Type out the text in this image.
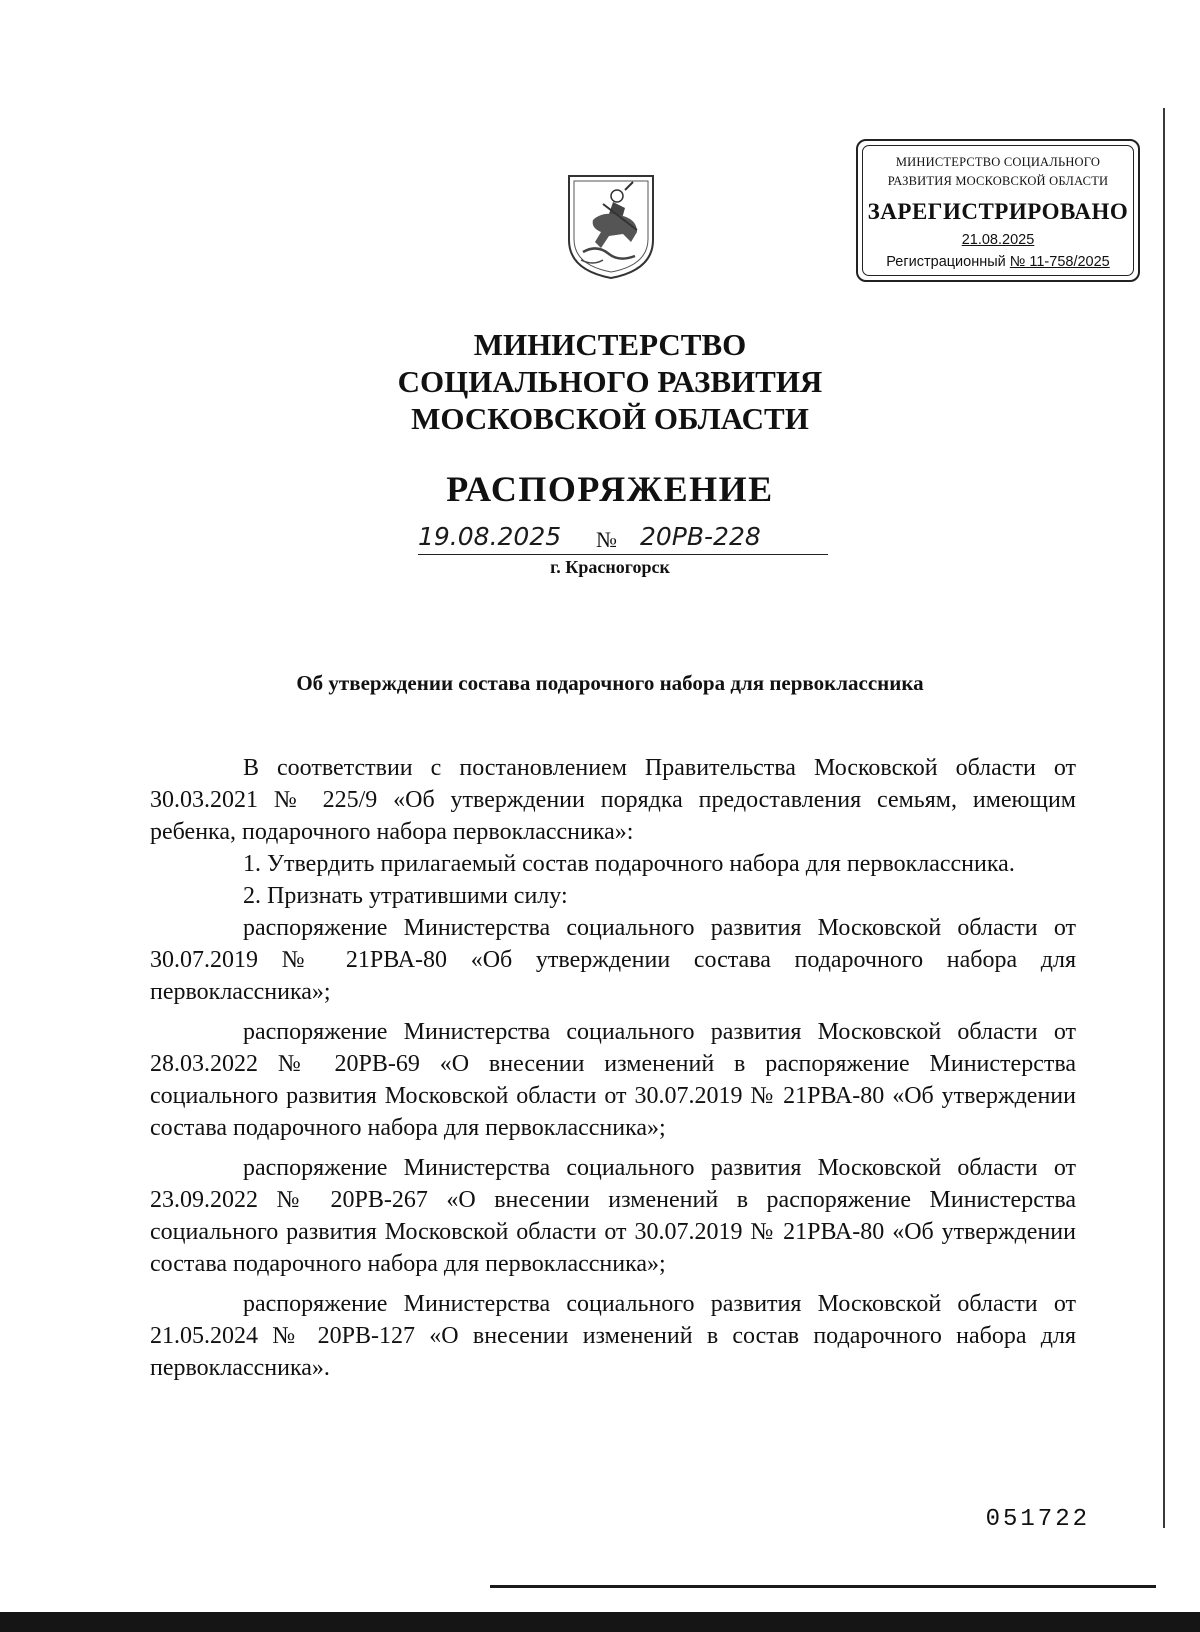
МИНИСТЕРСТВО СОЦИАЛЬНОГО
РАЗВИТИЯ МОСКОВСКОЙ ОБЛАСТИ
ЗАРЕГИСТРИРОВАНО
21.08.2025
Регистрационный № 11-758/2025
МИНИСТЕРСТВО
СОЦИАЛЬНОГО РАЗВИТИЯ
МОСКОВСКОЙ ОБЛАСТИ
РАСПОРЯЖЕНИЕ
19.08.2025 № 20РВ-228
г. Красногорск
Об утверждении состава подарочного набора для первоклассника

В соответствии с постановлением Правительства Московской области от 30.03.2021 № 225/9 «Об утверждении порядка предоставления семьям, имеющим ребенка, подарочного набора первоклассника»:

1. Утвердить прилагаемый состав подарочного набора для первоклассника.

2. Признать утратившими силу:

распоряжение Министерства социального развития Московской области от 30.07.2019 № 21РВА-80 «Об утверждении состава подарочного набора для первоклассника»;

распоряжение Министерства социального развития Московской области от 28.03.2022 № 20РВ-69 «О внесении изменений в распоряжение Министерства социального развития Московской области от 30.07.2019 № 21РВА-80 «Об утверждении состава подарочного набора для первоклассника»;

распоряжение Министерства социального развития Московской области от 23.09.2022 № 20РВ-267 «О внесении изменений в распоряжение Министерства социального развития Московской области от 30.07.2019 № 21РВА-80 «Об утверждении состава подарочного набора для первоклассника»;

распоряжение Министерства социального развития Московской области от 21.05.2024 № 20РВ-127 «О внесении изменений в состав подарочного набора для первоклассника».

051722
